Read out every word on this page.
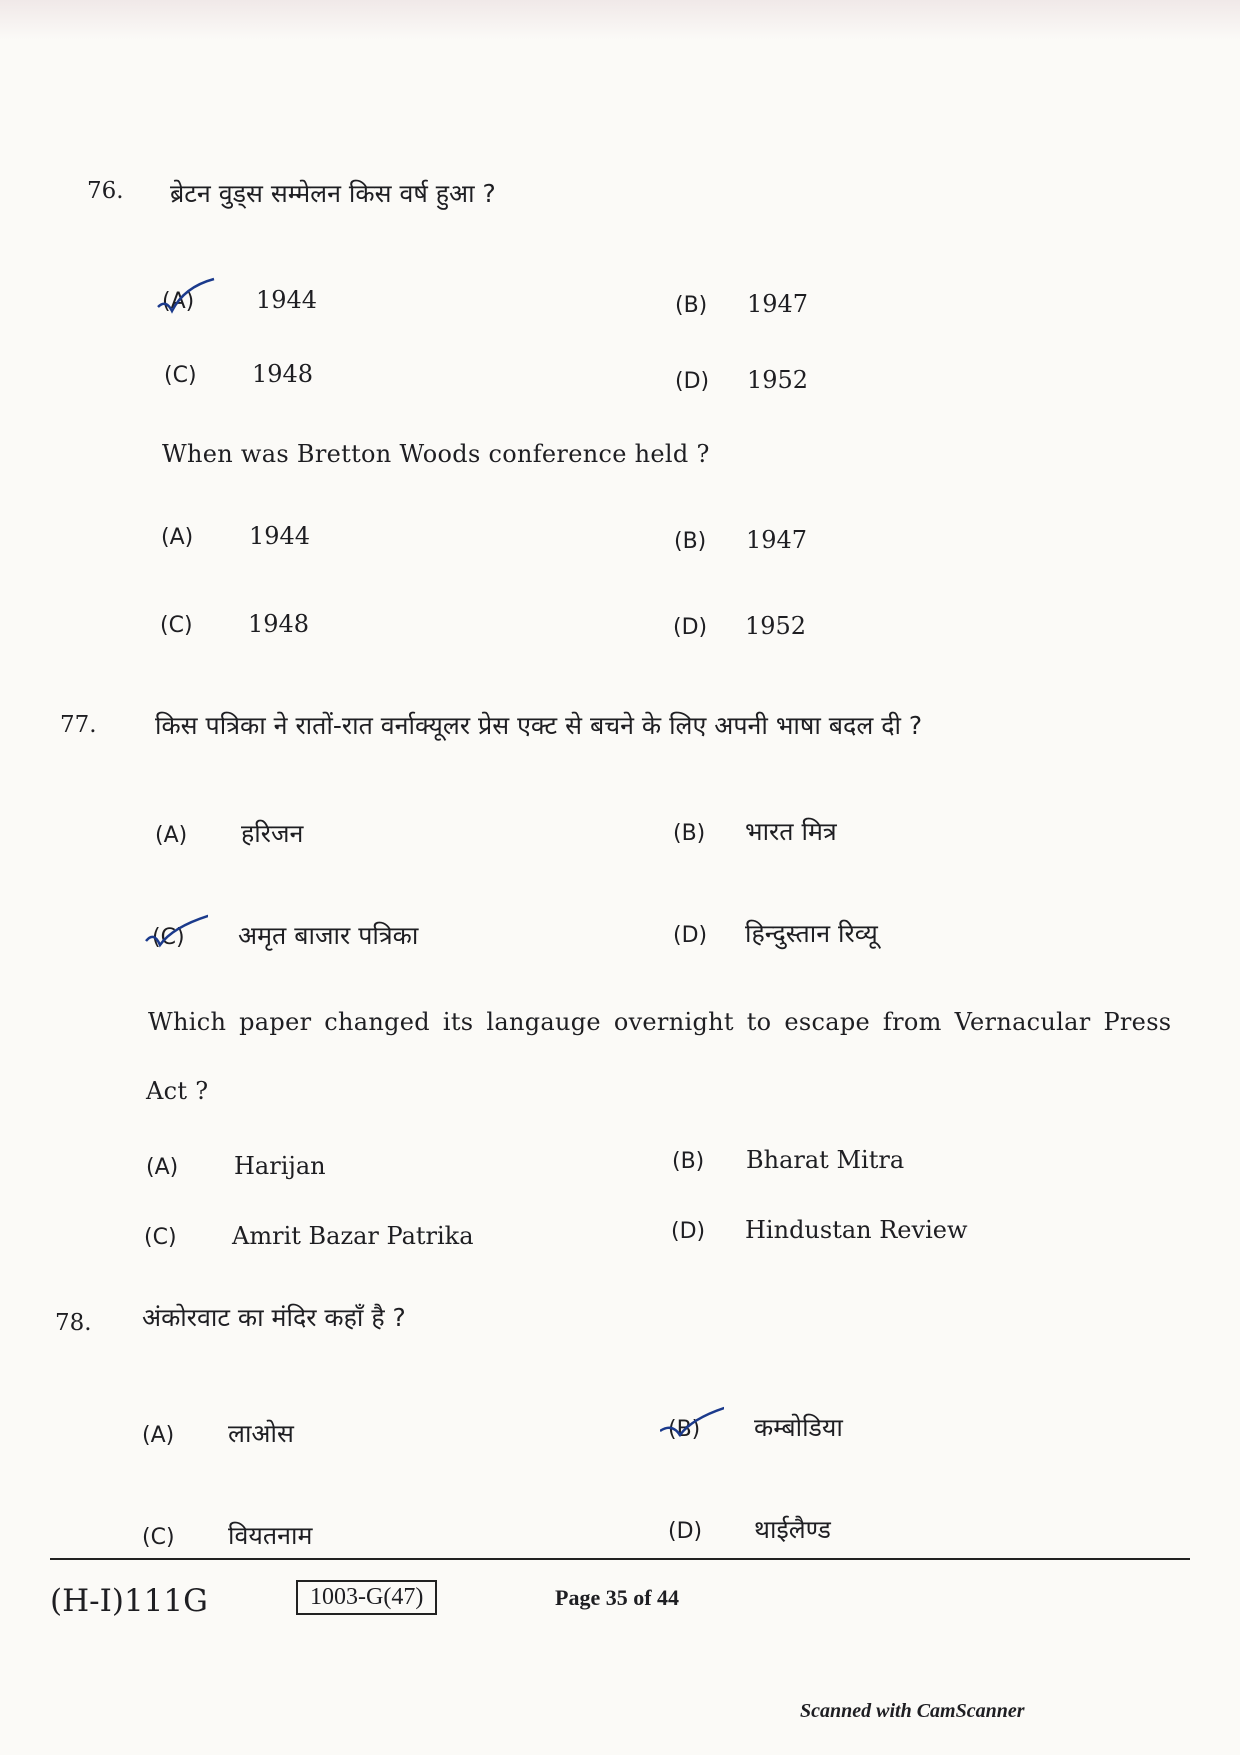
76. ब्रेटन वुड्स सम्मेलन किस वर्ष हुआ ?
(A)	1944	(B)	1947
(C)	1948	(D)	1952
When was Bretton Woods conference held ?
(A)	1944	(B)	1947
(C)	1948	(D)	1952
77. किस पत्रिका ने रातों-रात वर्नाक्यूलर प्रेस एक्ट से बचने के लिए अपनी भाषा बदल दी ?
(A)	हरिजन	(B)	भारत मित्र
(C)	अमृत बाजार पत्रिका	(D)	हिन्दुस्तान रिव्यू
Which paper changed its langauge overnight to escape from Vernacular Press
Act ?
(A)	Harijan	(B)	Bharat Mitra
(C)	Amrit Bazar Patrika	(D)	Hindustan Review
78. अंकोरवाट का मंदिर कहाँ है ?
(A)	लाओस	(B)	कम्बोडिया
(C)	वियतनाम	(D)	थाईलैण्ड
(H-I)111G	1003-G(47)	Page 35 of 44
Scanned with CamScanner
